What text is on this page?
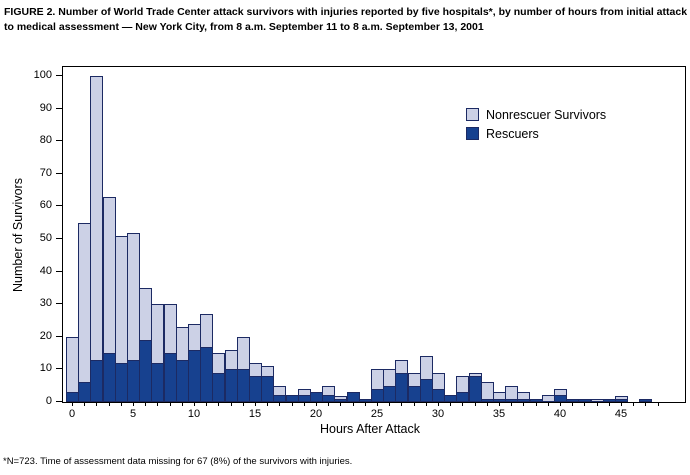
FIGURE 2. Number of World Trade Center attack survivors with injuries reported by five hospitals*, by number of hours from initial attack to medical assessment — New York City, from 8 a.m. September 11 to 8 a.m. September 13, 2001
0
10
20
30
40
50
60
70
80
90
100
0	5	10	15	20	25	30	35	40	45
Number of Survivors
Hours After Attack
Nonrescuer Survivors
Rescuers
*N=723. Time of assessment data missing for 67 (8%) of the survivors with injuries.
